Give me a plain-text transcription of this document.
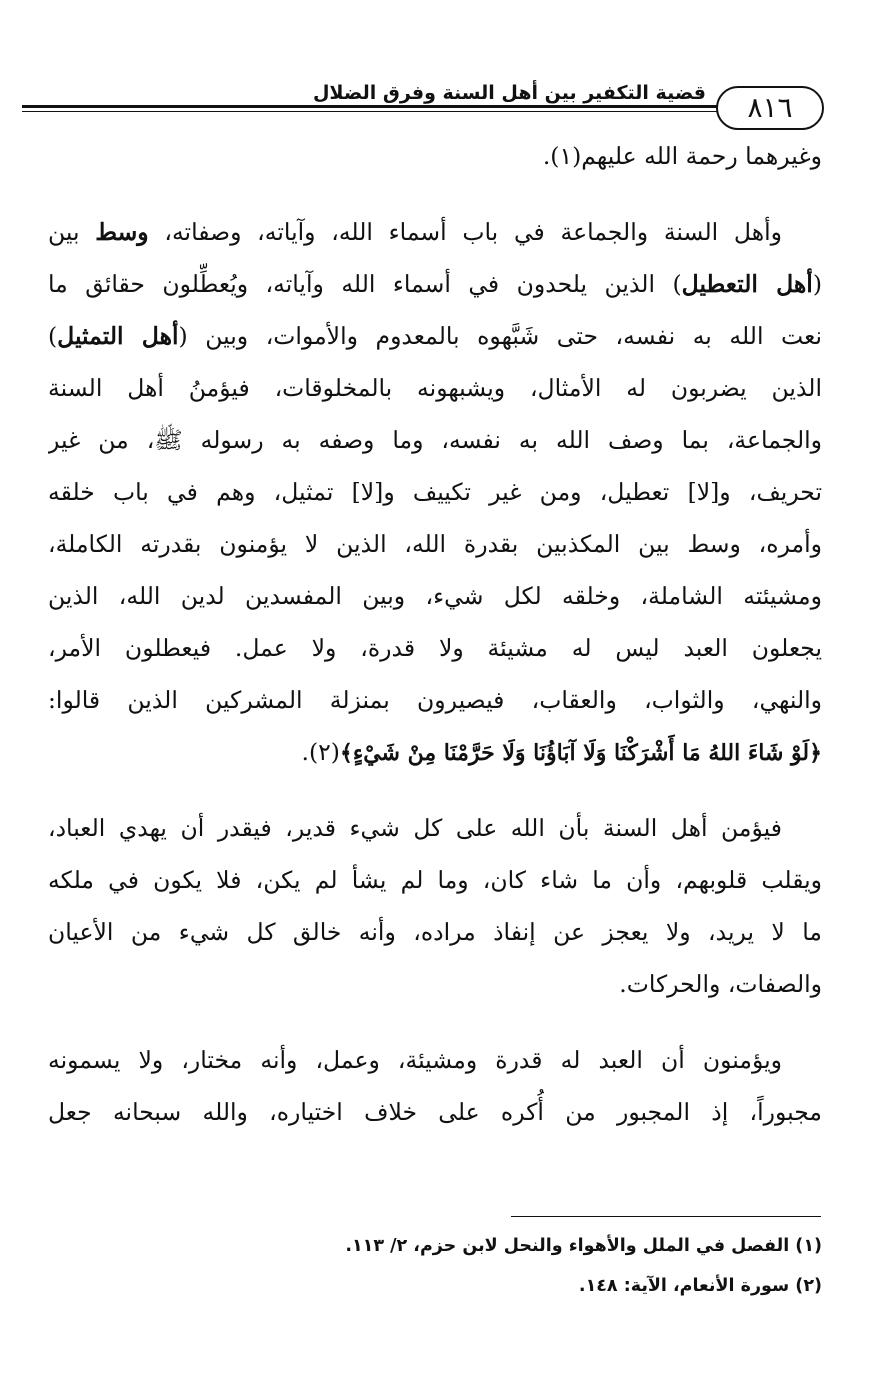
قضية التكفير بين أهل السنة وفرق الضلال	٨١٦
وغيرهما رحمة الله عليهم(١).
وأهل السنة والجماعة في باب أسماء الله، وآياته، وصفاته، وسط بين
(أهل التعطيل) الذين يلحدون في أسماء الله وآياته، ويُعطِّلون حقائق ما
نعت الله به نفسه، حتى شَبَّهوه بالمعدوم والأموات، وبين (أهل التمثيل)
الذين يضربون له الأمثال، ويشبهونه بالمخلوقات، فيؤمنُ أهل السنة
والجماعة، بما وصف الله به نفسه، وما وصفه به رسوله ﷺ، من غير
تحريف، و[لا] تعطيل، ومن غير تكييف و[لا] تمثيل، وهم في باب خلقه
وأمره، وسط بين المكذبين بقدرة الله، الذين لا يؤمنون بقدرته الكاملة،
ومشيئته الشاملة، وخلقه لكل شيء، وبين المفسدين لدين الله، الذين
يجعلون العبد ليس له مشيئة ولا قدرة، ولا عمل. فيعطلون الأمر،
والنهي، والثواب، والعقاب، فيصيرون بمنزلة المشركين الذين قالوا:
﴿لَوْ شَاءَ اللهُ مَا أَشْرَكْنَا وَلَا آبَاؤُنَا وَلَا حَرَّمْنَا مِنْ شَيْءٍ﴾(٢).
فيؤمن أهل السنة بأن الله على كل شيء قدير، فيقدر أن يهدي العباد،
ويقلب قلوبهم، وأن ما شاء كان، وما لم يشأ لم يكن، فلا يكون في ملكه
ما لا يريد، ولا يعجز عن إنفاذ مراده، وأنه خالق كل شيء من الأعيان
والصفات، والحركات.
ويؤمنون أن العبد له قدرة ومشيئة، وعمل، وأنه مختار، ولا يسمونه
مجبوراً، إذ المجبور من أُكره على خلاف اختياره، والله سبحانه جعل
(١) الفصل في الملل والأهواء والنحل لابن حزم، ٢/ ١١٣.
(٢) سورة الأنعام، الآية: ١٤٨.
